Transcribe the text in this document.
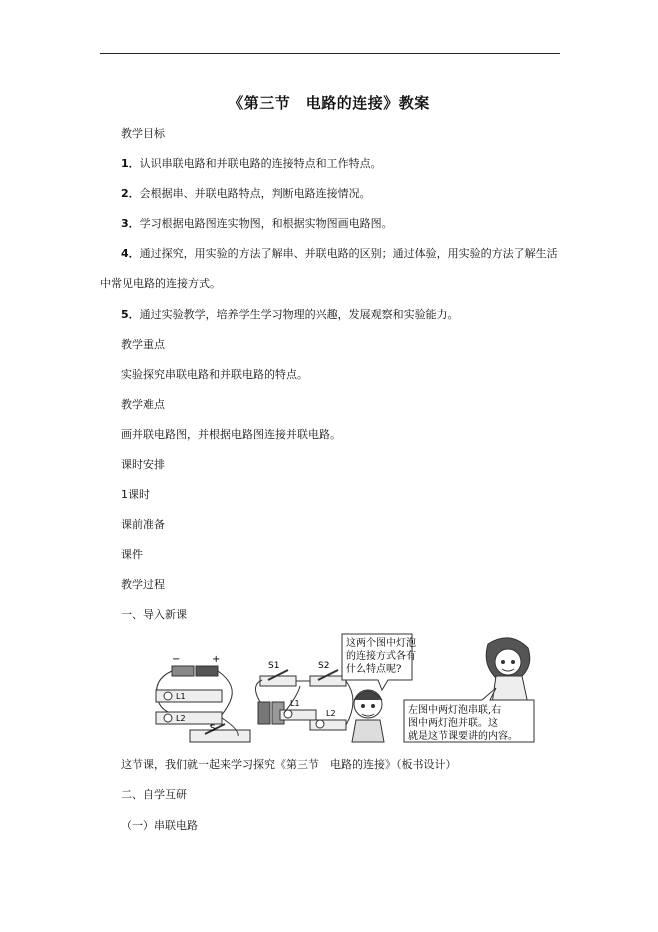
《第三节　电路的连接》教案
教学目标
1．认识串联电路和并联电路的连接特点和工作特点。
2．会根据串、并联电路特点，判断电路连接情况。
3．学习根据电路图连实物图，和根据实物图画电路图。
4．通过探究，用实验的方法了解串、并联电路的区别；通过体验，用实验的方法了解生活中常见电路的连接方式。
5．通过实验教学，培养学生学习物理的兴趣，发展观察和实验能力。
教学重点
实验探究串联电路和并联电路的特点。
教学难点
画并联电路图，并根据电路图连接并联电路。
课时安排
1课时
课前准备
课件
教学过程
一、导入新课
−	+
L1
L2
S
S1	S2
L1
L2
这两个图中灯泡
的连接方式各有
什么特点呢?
左图中两灯泡串联,右
图中两灯泡并联。这
就是这节课要讲的内容。
这节课，我们就一起来学习探究《第三节　电路的连接》（板书设计）
二、自学互研
（一）串联电路
